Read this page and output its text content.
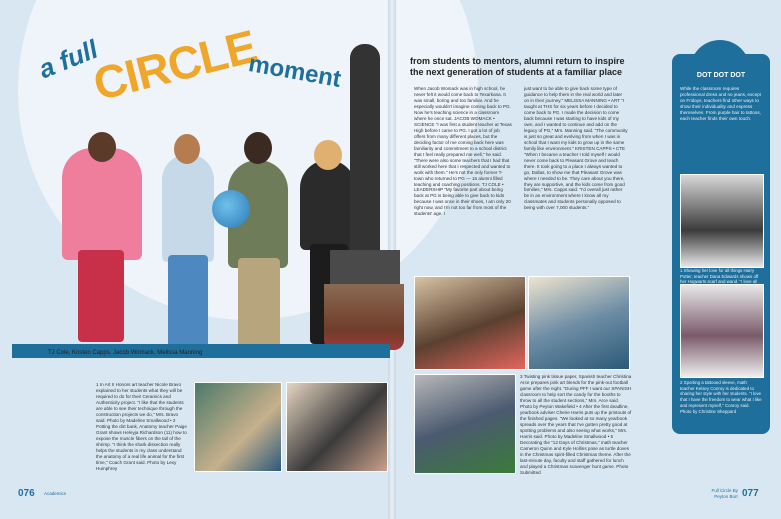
a full
CIRCLE
moment
TJ Cole, Kristen Capps, Jacob Womack, Melissa Manning
from students to mentors, alumni return to inspire the next generation of students at a familiar place
When Jacob Womack was in high school, he never felt it would come back to Texarkana. It was small, boring and too familiar. And he especially wouldn't imagine coming back to PG. Now he's teaching science in a classroom where he once sat. JACOB WOMACK • SCIENCE "I was first a student teacher at Texas High before I came to PG. I got a lot of job offers from many different places, but the deciding factor of me coming back here was familiarity and commitment to a school district that I feel really prepared me well," he said. "There were also some teachers that I had that still worked here that I respected and wanted to work with them." He's not the only former T-town who returned to PG — 16 alumni filled teaching and coaching positions. TJ COLE • LEADERSHIP "My favorite part about being back at PG is being able to give back to kids because I was once in their shoes, I am only 20 right now, and I'm not too far from most of the students' age. I
just want to be able to give back some type of guidance to help them in the real world and later on in their journey." MELISSA MANNING • ART "I taught at THS for six years before I decided to come back to PG. I made the decision to come back because I was starting to have kids of my own, and I wanted to continue and add on the legacy of PG," Mrs. Manning said. "The community is just so great and evolving from when I was in school that I want my kids to grow up in the same family like environment." KRISTEN CAPPS • CTE "When I became a teacher I told myself I would never come back to Pleasant Grove and teach there. It took going to a place I always wanted to go, Dallas, to show me that Pleasant Grove was where I needed to be. They care about you there, they are supportive, and the kids come from good families," Mrs. Capps said. "I'd overall just rather be in an environment where I know all my classmates and students personally opposed to being with over 7,000 students."
1 In Art II Honors art teacher Nicole Bravo explained to her students what they will be required to do for their Ceramics and Authenticity project. "I like that the students are able to see their technique through the construction projects we do," Mrs. Bravo said. Photo by Madeline Smallwood • 2 Potting the dirt bank, Anatomy teacher Paige Grant shows Heleyja Richardson (11) how to expose the muscle fibers on the tail of the shrimp. "I think the shark dissection really helps the students in my class understand the anatomy of a real life animal for the first time," Coach Grant said. Photo by Lexy Humphrey
3 Twisting pink tissue paper, Spanish teacher Christina Arce prepares pink art blends for the pink-out football game after the night. "During PFF I want our SPANISH classroom to help sort the candy for the booths to throw to all the student sections," Mrs. Arce said. Photo by Peyton Wakefield • 4 After the first deadline, yearbook adviser Cherie Harris puts up the printouts of the finished pages. "We looked at so many yearbook spreads over the years that I've gotten pretty good at spotting problems and also seeing what works," Mrs. Harris said. Photo by Madeline Smallwood • 5 Decorating the "12 Days of Christmas," math teacher Cameron Quinn and Kyle Hollins pose as turtle doves in the Christmas spirit-filled Christmas theme. After the last-minute day, faculty and staff gathered for lunch and played a Christmas scavenger hunt game. Photo Submitted
DOT DOT DOT
While the classroom requires professional dress and no jeans, except on Fridays, teachers find other ways to show their individuality and express themselves. From purple hair to tattoos, each teacher finds their own touch.
1 Showing her love for all things Harry Potter, teacher Dana Edwards shows off her Hogwarts scarf and wand. "I love all
2 Sporting a tattooed sleeve, math teacher Kelsey Conroy is dedicated to sharing her style with her students. "I love that I have the freedom to wear what I like and represent myself," Conroy said. Photo by Christine Sheppard
076 Academics
Full Circle By Peyton Burr 077
